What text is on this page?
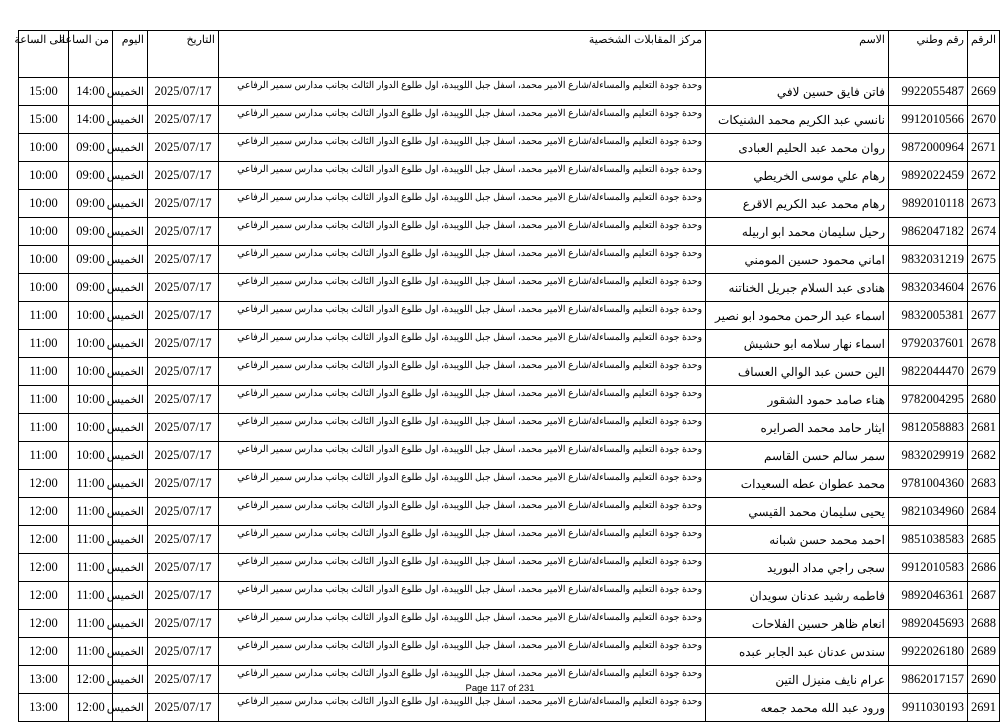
الرقم	رقم وطني	الاسم	مركز المقابلات الشخصية	التاريخ	اليوم	من الساعة	الى الساعة
2669	9922055487	فاتن فايق حسين لافي	وحدة جودة التعليم والمساءلة/شارع الامير محمد، اسفل جبل اللويبدة، اول طلوع الدوار الثالث بجانب مدارس سمير الرفاعي	2025/07/17	الخميس	14:00	15:00
2670	9912010566	نانسي عبد الكريم محمد الشنيكات	وحدة جودة التعليم والمساءلة/شارع الامير محمد، اسفل جبل اللويبدة، اول طلوع الدوار الثالث بجانب مدارس سمير الرفاعي	2025/07/17	الخميس	14:00	15:00
2671	9872000964	روان محمد عبد الحليم العبادى	وحدة جودة التعليم والمساءلة/شارع الامير محمد، اسفل جبل اللويبدة، اول طلوع الدوار الثالث بجانب مدارس سمير الرفاعي	2025/07/17	الخميس	09:00	10:00
2672	9892022459	رهام علي موسى الخريطي	وحدة جودة التعليم والمساءلة/شارع الامير محمد، اسفل جبل اللويبدة، اول طلوع الدوار الثالث بجانب مدارس سمير الرفاعي	2025/07/17	الخميس	09:00	10:00
2673	9892010118	رهام محمد عبد الكريم الاقرع	وحدة جودة التعليم والمساءلة/شارع الامير محمد، اسفل جبل اللويبدة، اول طلوع الدوار الثالث بجانب مدارس سمير الرفاعي	2025/07/17	الخميس	09:00	10:00
2674	9862047182	رحيل سليمان محمد ابو اربيله	وحدة جودة التعليم والمساءلة/شارع الامير محمد، اسفل جبل اللويبدة، اول طلوع الدوار الثالث بجانب مدارس سمير الرفاعي	2025/07/17	الخميس	09:00	10:00
2675	9832031219	اماني محمود حسين المومني	وحدة جودة التعليم والمساءلة/شارع الامير محمد، اسفل جبل اللويبدة، اول طلوع الدوار الثالث بجانب مدارس سمير الرفاعي	2025/07/17	الخميس	09:00	10:00
2676	9832034604	هنادى عبد السلام جبريل الخناتنه	وحدة جودة التعليم والمساءلة/شارع الامير محمد، اسفل جبل اللويبدة، اول طلوع الدوار الثالث بجانب مدارس سمير الرفاعي	2025/07/17	الخميس	09:00	10:00
2677	9832005381	اسماء عبد الرحمن محمود ابو نصير	وحدة جودة التعليم والمساءلة/شارع الامير محمد، اسفل جبل اللويبدة، اول طلوع الدوار الثالث بجانب مدارس سمير الرفاعي	2025/07/17	الخميس	10:00	11:00
2678	9792037601	اسماء نهار سلامه ابو حشيش	وحدة جودة التعليم والمساءلة/شارع الامير محمد، اسفل جبل اللويبدة، اول طلوع الدوار الثالث بجانب مدارس سمير الرفاعي	2025/07/17	الخميس	10:00	11:00
2679	9822044470	الين حسن عبد الوالي العساف	وحدة جودة التعليم والمساءلة/شارع الامير محمد، اسفل جبل اللويبدة، اول طلوع الدوار الثالث بجانب مدارس سمير الرفاعي	2025/07/17	الخميس	10:00	11:00
2680	9782004295	هناء صامد حمود الشقور	وحدة جودة التعليم والمساءلة/شارع الامير محمد، اسفل جبل اللويبدة، اول طلوع الدوار الثالث بجانب مدارس سمير الرفاعي	2025/07/17	الخميس	10:00	11:00
2681	9812058883	ايثار حامد محمد الصرايره	وحدة جودة التعليم والمساءلة/شارع الامير محمد، اسفل جبل اللويبدة، اول طلوع الدوار الثالث بجانب مدارس سمير الرفاعي	2025/07/17	الخميس	10:00	11:00
2682	9832029919	سمر سالم حسن القاسم	وحدة جودة التعليم والمساءلة/شارع الامير محمد، اسفل جبل اللويبدة، اول طلوع الدوار الثالث بجانب مدارس سمير الرفاعي	2025/07/17	الخميس	10:00	11:00
2683	9781004360	محمد عطوان عطه السعيدات	وحدة جودة التعليم والمساءلة/شارع الامير محمد، اسفل جبل اللويبدة، اول طلوع الدوار الثالث بجانب مدارس سمير الرفاعي	2025/07/17	الخميس	11:00	12:00
2684	9821034960	يحيى سليمان محمد القيسي	وحدة جودة التعليم والمساءلة/شارع الامير محمد، اسفل جبل اللويبدة، اول طلوع الدوار الثالث بجانب مدارس سمير الرفاعي	2025/07/17	الخميس	11:00	12:00
2685	9851038583	احمد محمد حسن شبانه	وحدة جودة التعليم والمساءلة/شارع الامير محمد، اسفل جبل اللويبدة، اول طلوع الدوار الثالث بجانب مدارس سمير الرفاعي	2025/07/17	الخميس	11:00	12:00
2686	9912010583	سجى راجي مداد البوريد	وحدة جودة التعليم والمساءلة/شارع الامير محمد، اسفل جبل اللويبدة، اول طلوع الدوار الثالث بجانب مدارس سمير الرفاعي	2025/07/17	الخميس	11:00	12:00
2687	9892046361	فاطمه رشيد عدنان سويدان	وحدة جودة التعليم والمساءلة/شارع الامير محمد، اسفل جبل اللويبدة، اول طلوع الدوار الثالث بجانب مدارس سمير الرفاعي	2025/07/17	الخميس	11:00	12:00
2688	9892045693	انعام ظاهر حسين الفلاحات	وحدة جودة التعليم والمساءلة/شارع الامير محمد، اسفل جبل اللويبدة، اول طلوع الدوار الثالث بجانب مدارس سمير الرفاعي	2025/07/17	الخميس	11:00	12:00
2689	9922026180	سندس عدنان عبد الجابر عبده	وحدة جودة التعليم والمساءلة/شارع الامير محمد، اسفل جبل اللويبدة، اول طلوع الدوار الثالث بجانب مدارس سمير الرفاعي	2025/07/17	الخميس	11:00	12:00
2690	9862017157	عرام نايف منيزل التين	وحدة جودة التعليم والمساءلة/شارع الامير محمد، اسفل جبل اللويبدة، اول طلوع الدوار الثالث بجانب مدارس سمير الرفاعي	2025/07/17	الخميس	12:00	13:00
2691	9911030193	ورود عبد الله محمد جمعه	وحدة جودة التعليم والمساءلة/شارع الامير محمد، اسفل جبل اللويبدة، اول طلوع الدوار الثالث بجانب مدارس سمير الرفاعي	2025/07/17	الخميس	12:00	13:00
Page 117 of 231
